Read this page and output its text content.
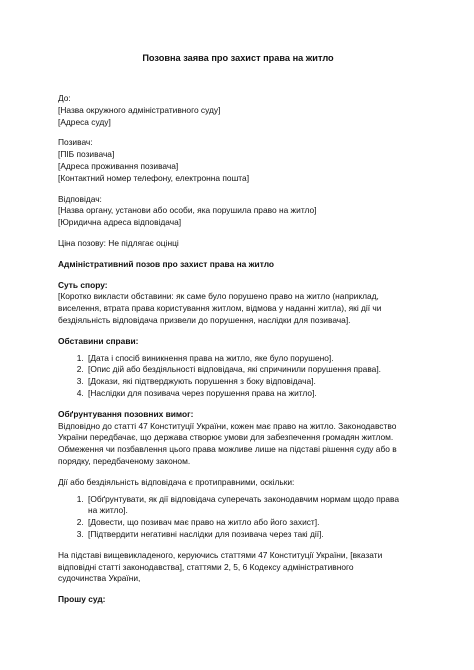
Позовна заява про захист права на житло
До:
[Назва окружного адміністративного суду]
[Адреса суду]
Позивач:
[ПІБ позивача]
[Адреса проживання позивача]
[Контактний номер телефону, електронна пошта]
Відповідач:
[Назва органу, установи або особи, яка порушила право на житло]
[Юридична адреса відповідача]
Ціна позову: Не підлягає оцінці
Адміністративний позов про захист права на житло
Суть спору:
[Коротко викласти обставини: як саме було порушено право на житло (наприклад,
виселення, втрата права користування житлом, відмова у наданні житла), які дії чи
бездіяльність відповідача призвели до порушення, наслідки для позивача].
Обставини справи:
1. [Дата і спосіб виникнення права на житло, яке було порушено].
2. [Опис дій або бездіяльності відповідача, які спричинили порушення права].
3. [Докази, які підтверджують порушення з боку відповідача].
4. [Наслідки для позивача через порушення права на житло].
Обґрунтування позовних вимог:
Відповідно до статті 47 Конституції України, кожен має право на житло. Законодавство
України передбачає, що держава створює умови для забезпечення громадян житлом.
Обмеження чи позбавлення цього права можливе лише на підставі рішення суду або в
порядку, передбаченому законом.
Дії або бездіяльність відповідача є протиправними, оскільки:
1. [Обґрунтувати, як дії відповідача суперечать законодавчим нормам щодо права
на житло].
2. [Довести, що позивач має право на житло або його захист].
3. [Підтвердити негативні наслідки для позивача через такі дії].
На підставі вищевикладеного, керуючись статтями 47 Конституції України, [вказати
відповідні статті законодавства], статтями 2, 5, 6 Кодексу адміністративного
судочинства України,
Прошу суд:
